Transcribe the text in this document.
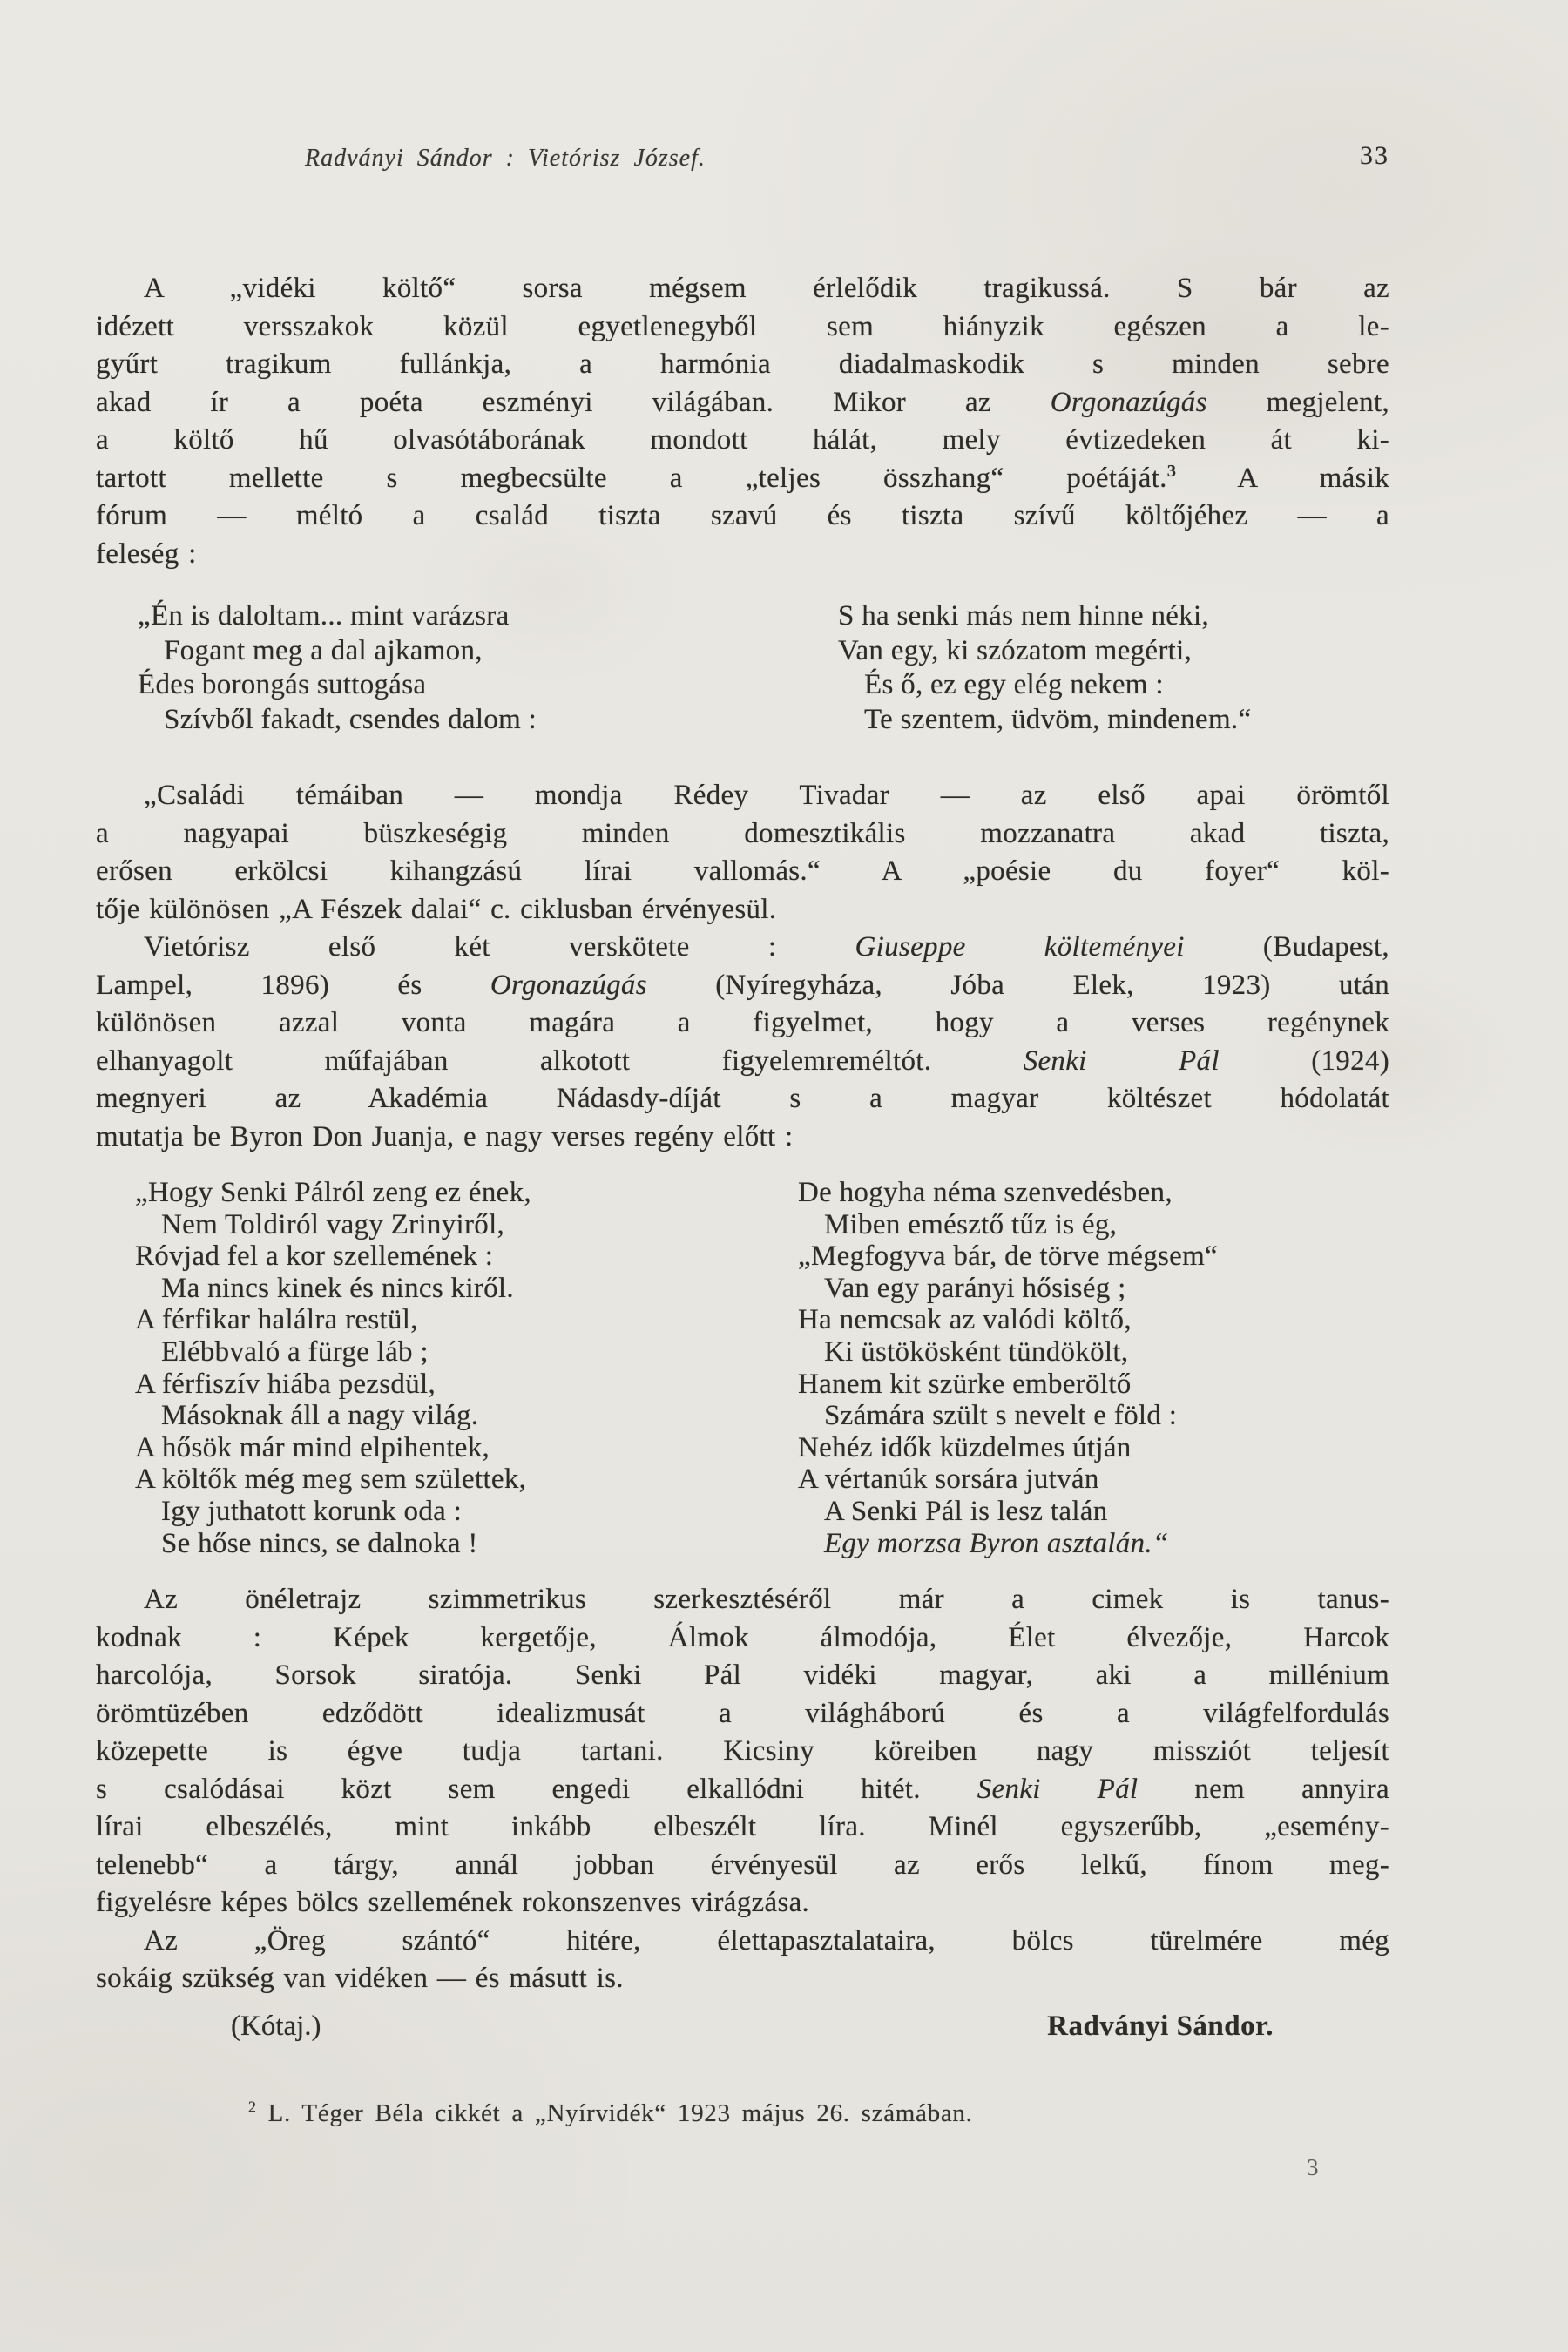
Radványi Sándor : Vietórisz József.	33
A „vidéki költő“ sorsa mégsem érlelődik tragikussá. S bár az
idézett versszakok közül egyetlenegyből sem hiányzik egészen a le-
gyűrt tragikum fullánkja, a harmónia diadalmaskodik s minden sebre
akad ír a poéta eszményi világában. Mikor az Orgonazúgás megjelent,
a költő hű olvasótáborának mondott hálát, mely évtizedeken át ki-
tartott mellette s megbecsülte a „teljes összhang“ poétáját.$^3$ A másik
fórum — méltó a család tiszta szavú és tiszta szívű költőjéhez — a
feleség :
„Én is daloltam... mint varázsra
Fogant meg a dal ajkamon,
Édes borongás suttogása
Szívből fakadt, csendes dalom :
S ha senki más nem hinne néki,
Van egy, ki szózatom megérti,
És ő, ez egy elég nekem :
Te szentem, üdvöm, mindenem.“
„Családi témáiban — mondja Rédey Tivadar — az első apai örömtől
a nagyapai büszkeségig minden domesztikális mozzanatra akad tiszta,
erősen erkölcsi kihangzású lírai vallomás.“ A „poésie du foyer“ köl-
tője különösen „A Fészek dalai“ c. ciklusban érvényesül.
Vietórisz első két verskötete : Giuseppe költeményei (Budapest,
Lampel, 1896) és Orgonazúgás (Nyíregyháza, Jóba Elek, 1923) után
különösen azzal vonta magára a figyelmet, hogy a verses regénynek
elhanyagolt műfajában alkotott figyelemreméltót. Senki Pál (1924)
megnyeri az Akadémia Nádasdy-díját s a magyar költészet hódolatát
mutatja be Byron Don Juanja, e nagy verses regény előtt :
„Hogy Senki Pálról zeng ez ének,
Nem Toldiról vagy Zrinyiről,
Róvjad fel a kor szellemének :
Ma nincs kinek és nincs kiről.
A férfikar halálra restül,
Elébbvaló a fürge láb ;
A férfiszív hiába pezsdül,
Másoknak áll a nagy világ.
A hősök már mind elpihentek,
A költők még meg sem születtek,
Igy juthatott korunk oda :
Se hőse nincs, se dalnoka !
De hogyha néma szenvedésben,
Miben emésztő tűz is ég,
„Megfogyva bár, de törve mégsem“
Van egy parányi hősiség ;
Ha nemcsak az valódi költő,
Ki üstökösként tündökölt,
Hanem kit szürke emberöltő
Számára szült s nevelt e föld :
Nehéz idők küzdelmes útján
A vértanúk sorsára jutván
A Senki Pál is lesz talán
Egy morzsa Byron asztalán.“
Az önéletrajz szimmetrikus szerkesztéséről már a cimek is tanus-
kodnak : Képek kergetője, Álmok álmodója, Élet élvezője, Harcok
harcolója, Sorsok siratója. Senki Pál vidéki magyar, aki a millénium
örömtüzében edződött idealizmusát a világháború és a világfelfordulás
közepette is égve tudja tartani. Kicsiny köreiben nagy missziót teljesít
s csalódásai közt sem engedi elkallódni hitét. Senki Pál nem annyira
lírai elbeszélés, mint inkább elbeszélt líra. Minél egyszerűbb, „esemény-
telenebb“ a tárgy, annál jobban érvényesül az erős lelkű, fínom meg-
figyelésre képes bölcs szellemének rokonszenves virágzása.
Az „Öreg szántó“ hitére, élettapasztalataira, bölcs türelmére még
sokáig szükség van vidéken — és másutt is.
(Kótaj.)	Radványi Sándor.
$^2$ L. Téger Béla cikkét a „Nyírvidék“ 1923 május 26. számában.
3
